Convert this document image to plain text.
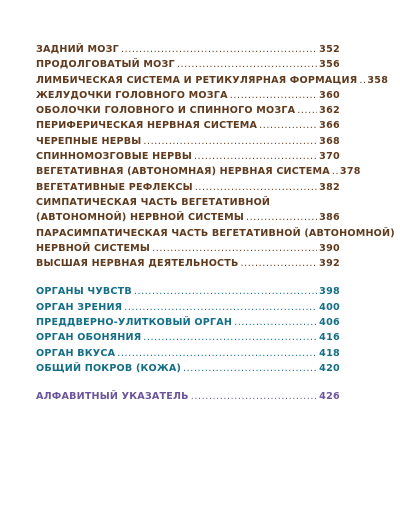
ЗАДНИЙ МОЗГ .....	352
ПРОДОЛГОВАТЫЙ МОЗГ .....	356
ЛИМБИЧЕСКАЯ СИСТЕМА И РЕТИКУЛЯРНАЯ ФОРМАЦИЯ ..... 358
ЖЕЛУДОЧКИ ГОЛОВНОГО МОЗГА .....	360
ОБОЛОЧКИ ГОЛОВНОГО И СПИННОГО МОЗГА ..... 362
ПЕРИФЕРИЧЕСКАЯ НЕРВНАЯ СИСТЕМА .....	366
ЧЕРЕПНЫЕ НЕРВЫ .....	368
СПИННОМОЗГОВЫЕ НЕРВЫ .....	370
ВЕГЕТАТИВНАЯ (АВТОНОМНАЯ) НЕРВНАЯ СИСТЕМА ..... 378
ВЕГЕТАТИВНЫЕ РЕФЛЕКСЫ .....	382
СИМПАТИЧЕСКАЯ ЧАСТЬ ВЕГЕТАТИВНОЙ
(АВТОНОМНОЙ) НЕРВНОЙ СИСТЕМЫ .....	386
ПАРАСИМПАТИЧЕСКАЯ ЧАСТЬ ВЕГЕТАТИВНОЙ (АВТОНОМНОЙ)
НЕРВНОЙ СИСТЕМЫ .....	390
ВЫСШАЯ НЕРВНАЯ ДЕЯТЕЛЬНОСТЬ .....	392
ОРГАНЫ ЧУВСТВ .....	398
ОРГАН ЗРЕНИЯ .....	400
ПРЕДДВЕРНО-УЛИТКОВЫЙ ОРГАН .....	406
ОРГАН ОБОНЯНИЯ .....	416
ОРГАН ВКУСА .....	418
ОБЩИЙ ПОКРОВ (КОЖА) .....	420
АЛФАВИТНЫЙ УКАЗАТЕЛЬ .....	426
